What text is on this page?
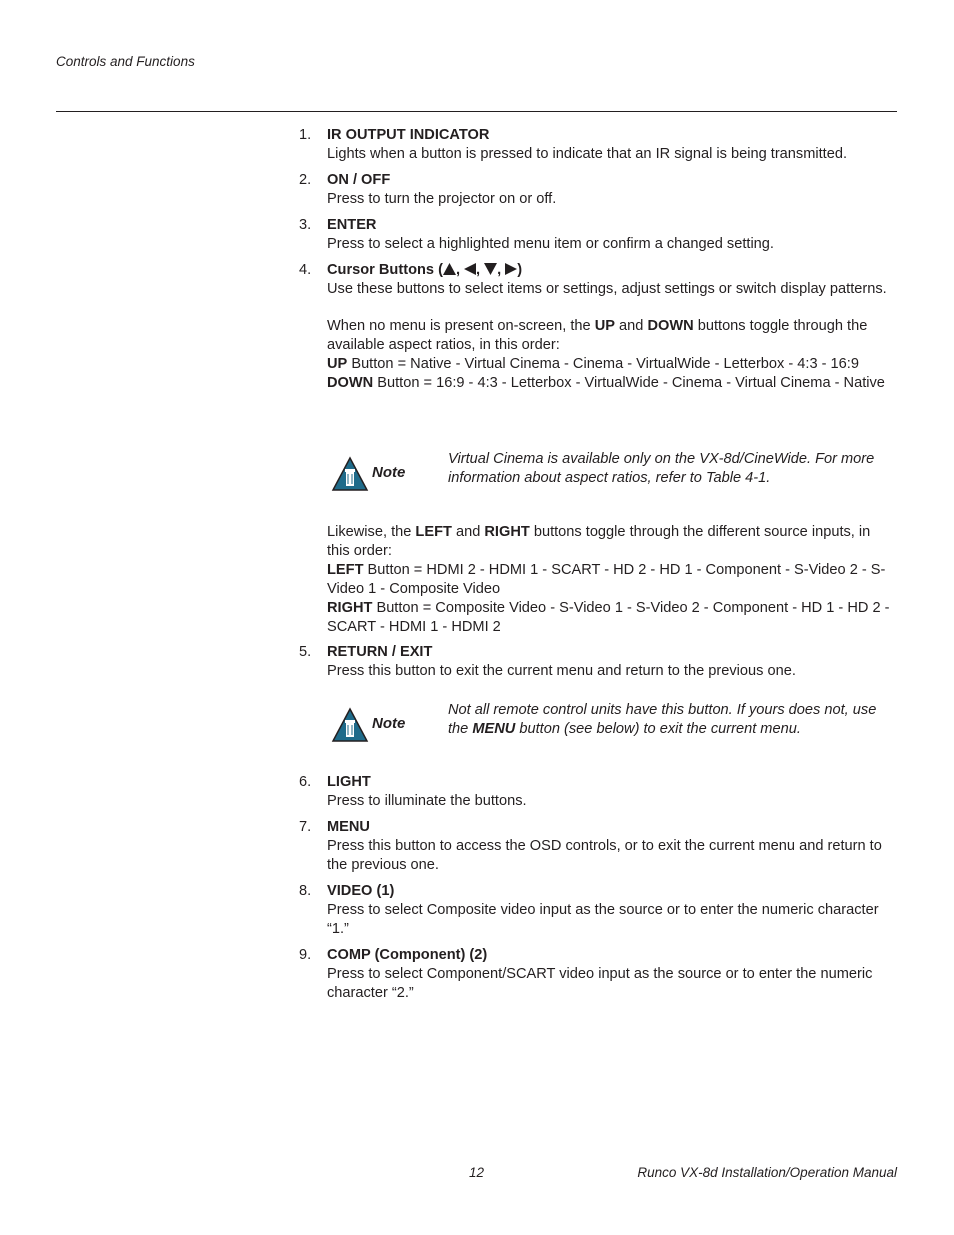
Controls and Functions
1. IR OUTPUT INDICATOR

Lights when a button is pressed to indicate that an IR signal is being transmitted.

2. ON / OFF

Press to turn the projector on or off.

3. ENTER

Press to select a highlighted menu item or confirm a changed setting.

4. Cursor Buttons ( , , , )

Use these buttons to select items or settings, adjust settings or switch display patterns.

When no menu is present on-screen, the UP and DOWN buttons toggle through the available aspect ratios, in this order:

UP Button = Native - Virtual Cinema - Cinema - VirtualWide - Letterbox - 4:3 - 16:9

DOWN Button = 16:9 - 4:3 - Letterbox - VirtualWide - Cinema - Virtual Cinema - Native

Note
Virtual Cinema is available only on the VX-8d/CineWide. For more information about aspect ratios, refer to Table 4-1.

Likewise, the LEFT and RIGHT buttons toggle through the different source inputs, in this order:

LEFT Button = HDMI 2 - HDMI 1 - SCART - HD 2 - HD 1 - Component - S-Video 2 - S-Video 1 - Composite Video

RIGHT Button = Composite Video - S-Video 1 - S-Video 2 - Component - HD 1 - HD 2 - SCART - HDMI 1 - HDMI 2

5. RETURN / EXIT

Press this button to exit the current menu and return to the previous one.

Note
Not all remote control units have this button. If yours does not, use the MENU button (see below) to exit the current menu.
6. LIGHT

Press to illuminate the buttons.

7. MENU

Press this button to access the OSD controls, or to exit the current menu and return to the previous one.

8. VIDEO (1)

Press to select Composite video input as the source or to enter the numeric character “1.”

9. COMP (Component) (2)

Press to select Component/SCART video input as the source or to enter the numeric character “2.”

12	Runco VX-8d Installation/Operation Manual
